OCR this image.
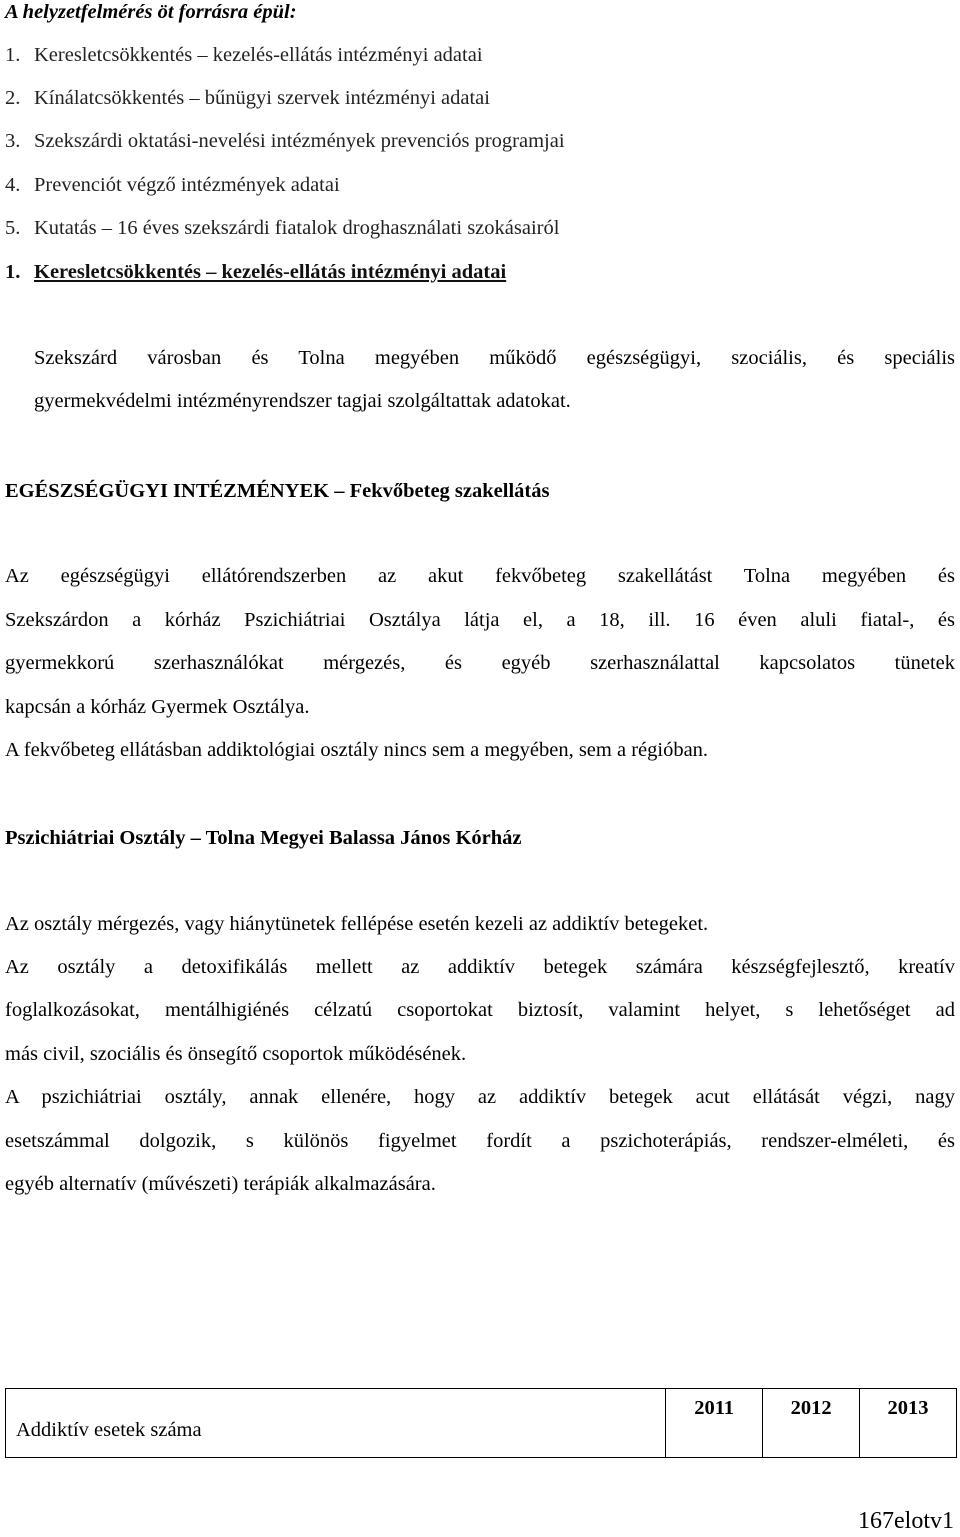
A helyzetfelmérés öt forrásra épül:
1. Keresletcsökkentés – kezelés-ellátás intézményi adatai
2. Kínálatcsökkentés – bűnügyi szervek intézményi adatai
3. Szekszárdi oktatási-nevelési intézmények prevenciós programjai
4. Prevenciót végző intézmények adatai
5. Kutatás – 16 éves szekszárdi fiatalok droghasználati szokásairól
1. Keresletcsökkentés – kezelés-ellátás intézményi adatai
Szekszárd városban és Tolna megyében működő egészségügyi, szociális, és speciális
gyermekvédelmi intézményrendszer tagjai szolgáltattak adatokat.
EGÉSZSÉGÜGYI INTÉZMÉNYEK – Fekvőbeteg szakellátás
Az egészségügyi ellátórendszerben az akut fekvőbeteg szakellátást Tolna megyében és
Szekszárdon a kórház Pszichiátriai Osztálya látja el, a 18, ill. 16 éven aluli fiatal-, és
gyermekkorú szerhasználókat mérgezés, és egyéb szerhasználattal kapcsolatos tünetek
kapcsán a kórház Gyermek Osztálya.
A fekvőbeteg ellátásban addiktológiai osztály nincs sem a megyében, sem a régióban.
Pszichiátriai Osztály – Tolna Megyei Balassa János Kórház
Az osztály mérgezés, vagy hiánytünetek fellépése esetén kezeli az addiktív betegeket.
Az osztály a detoxifikálás mellett az addiktív betegek számára készségfejlesztő, kreatív
foglalkozásokat, mentálhigiénés célzatú csoportokat biztosít, valamint helyet, s lehetőséget ad
más civil, szociális és önsegítő csoportok működésének.
A pszichiátriai osztály, annak ellenére, hogy az addiktív betegek acut ellátását végzi, nagy
esetszámmal dolgozik, s különös figyelmet fordít a pszichoterápiás, rendszer-elméleti, és
egyéb alternatív (művészeti) terápiák alkalmazására.
Addiktív esetek száma	2011	2012	2013
167elotv1
